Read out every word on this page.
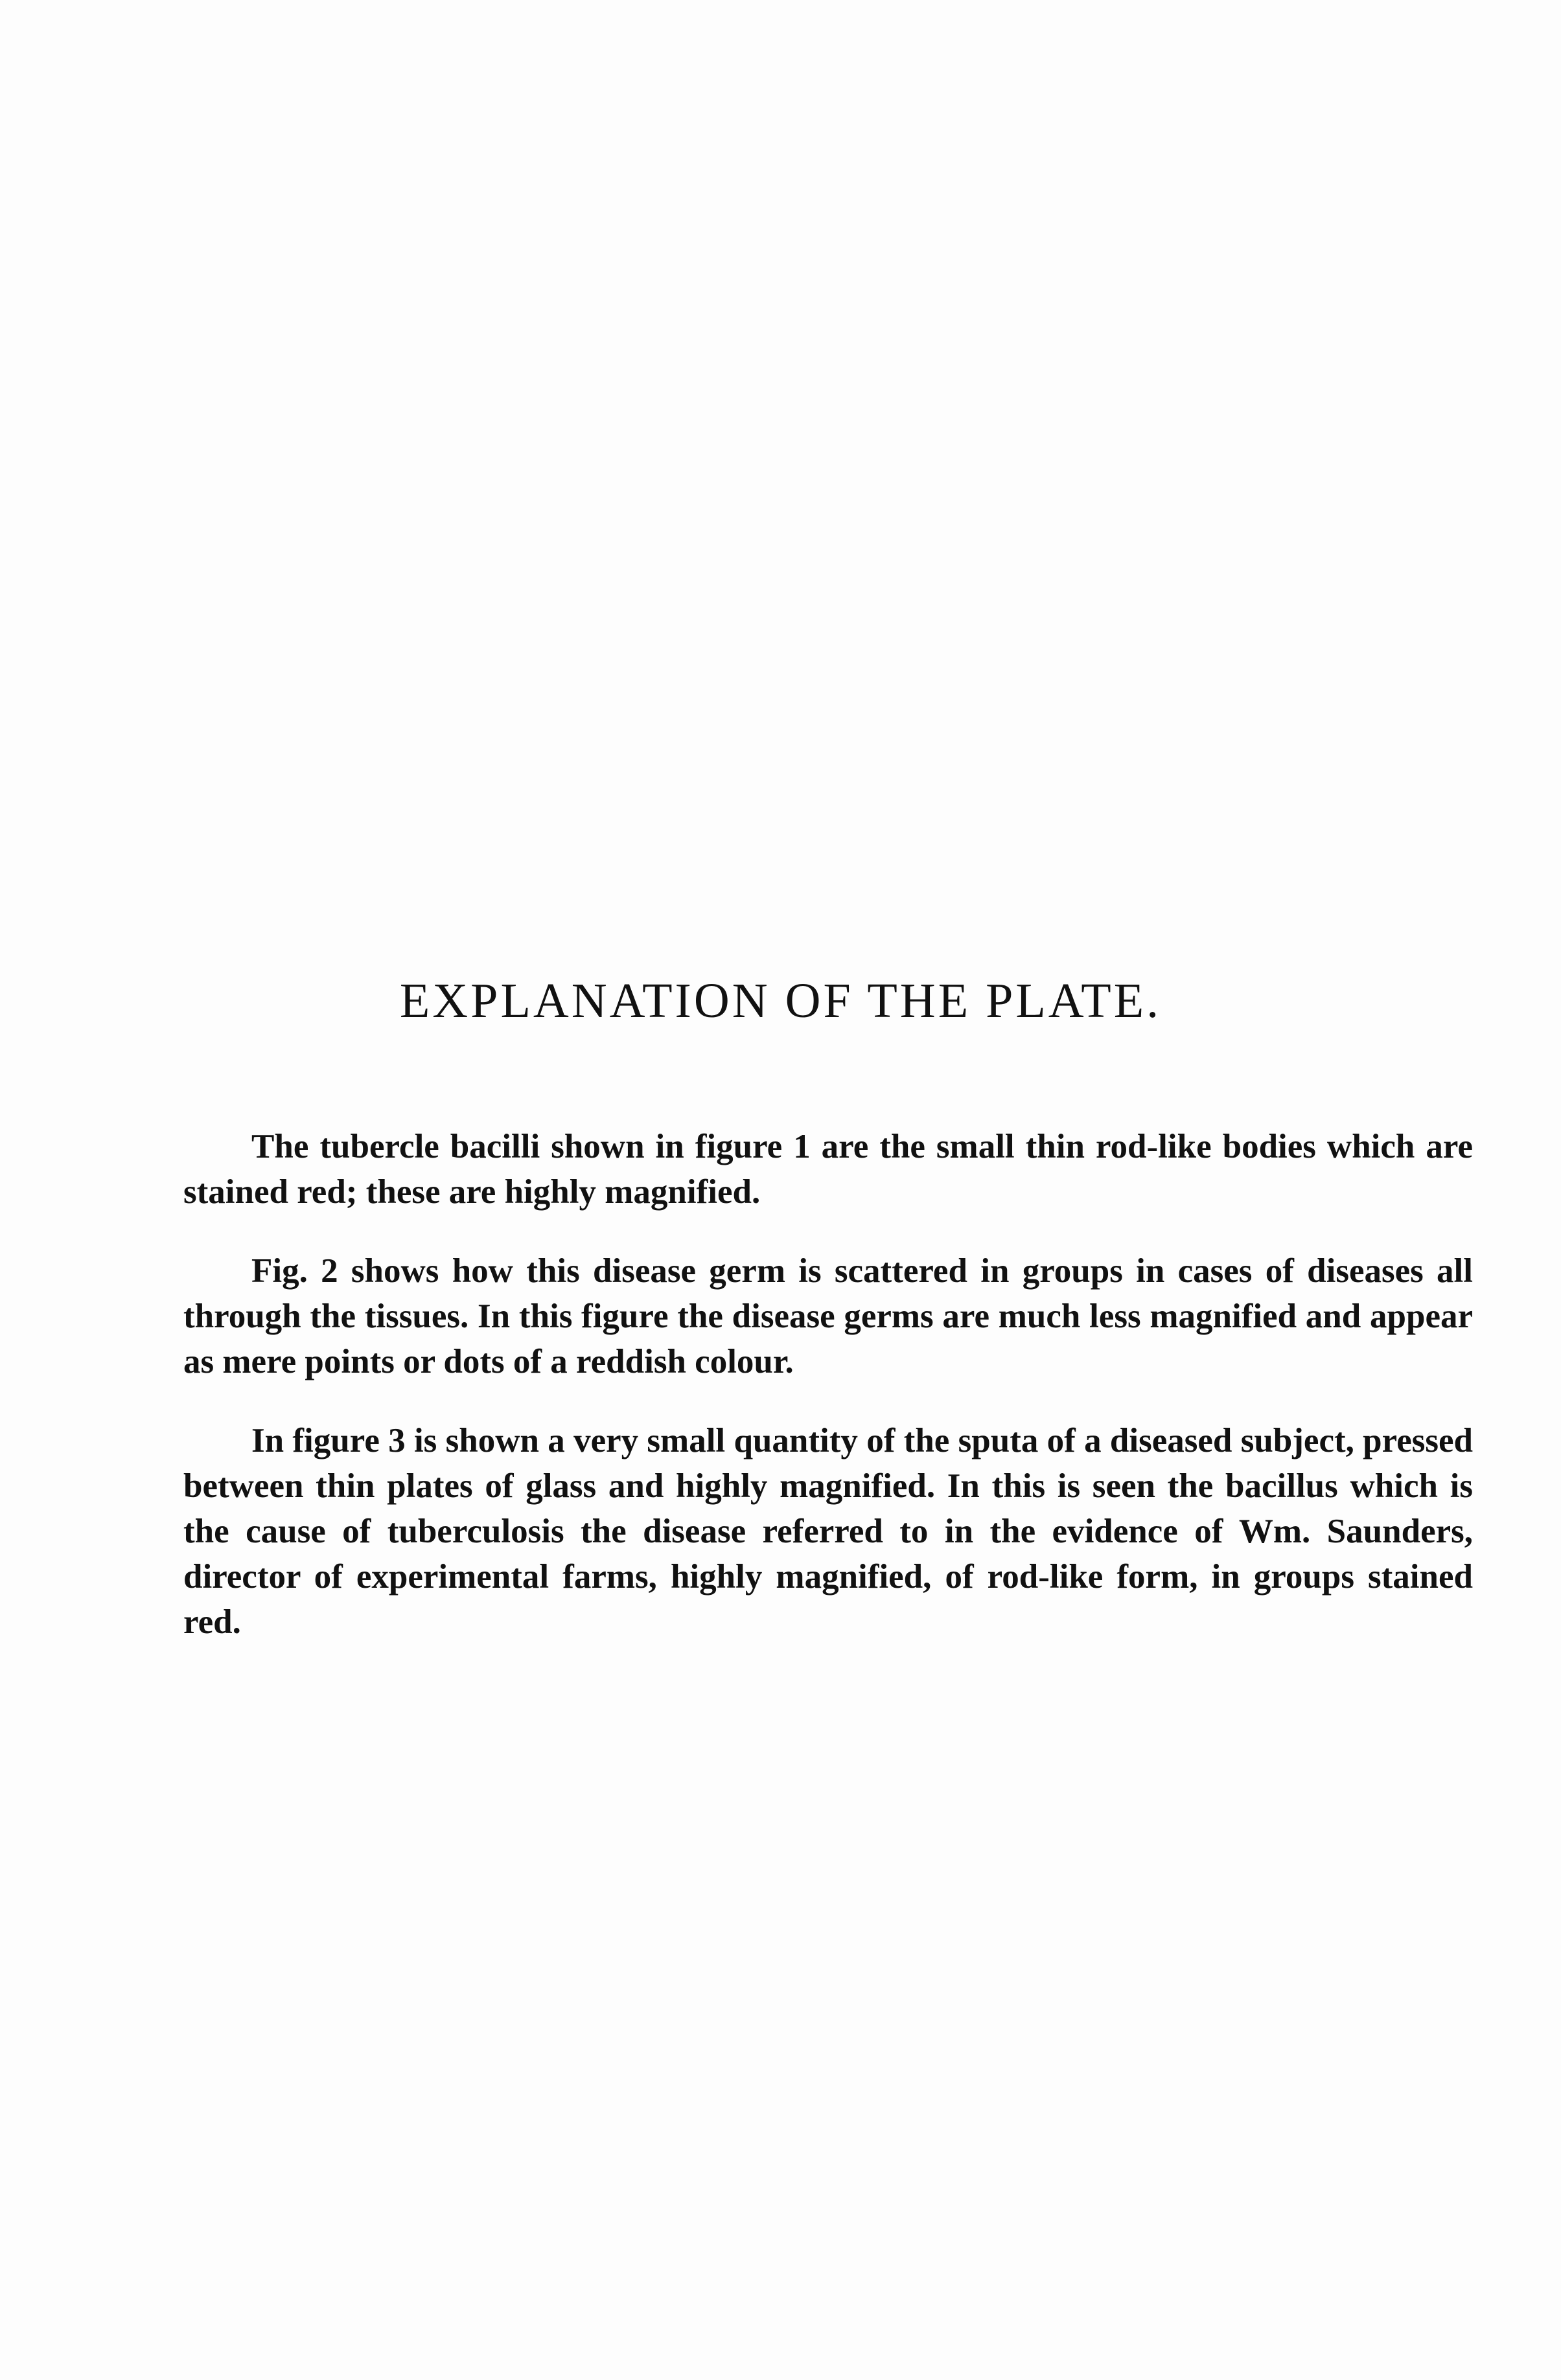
EXPLANATION OF THE PLATE.

The tubercle bacilli shown in figure 1 are the small thin rod-like bodies which are stained red; these are highly magnified.

Fig. 2 shows how this disease germ is scattered in groups in cases of diseases all through the tissues. In this figure the disease germs are much less magnified and appear as mere points or dots of a reddish colour.

In figure 3 is shown a very small quantity of the sputa of a diseased subject, pressed between thin plates of glass and highly magnified. In this is seen the bacillus which is the cause of tuberculosis the disease referred to in the evidence of Wm. Saunders, director of experimental farms, highly magnified, of rod-like form, in groups stained red.
